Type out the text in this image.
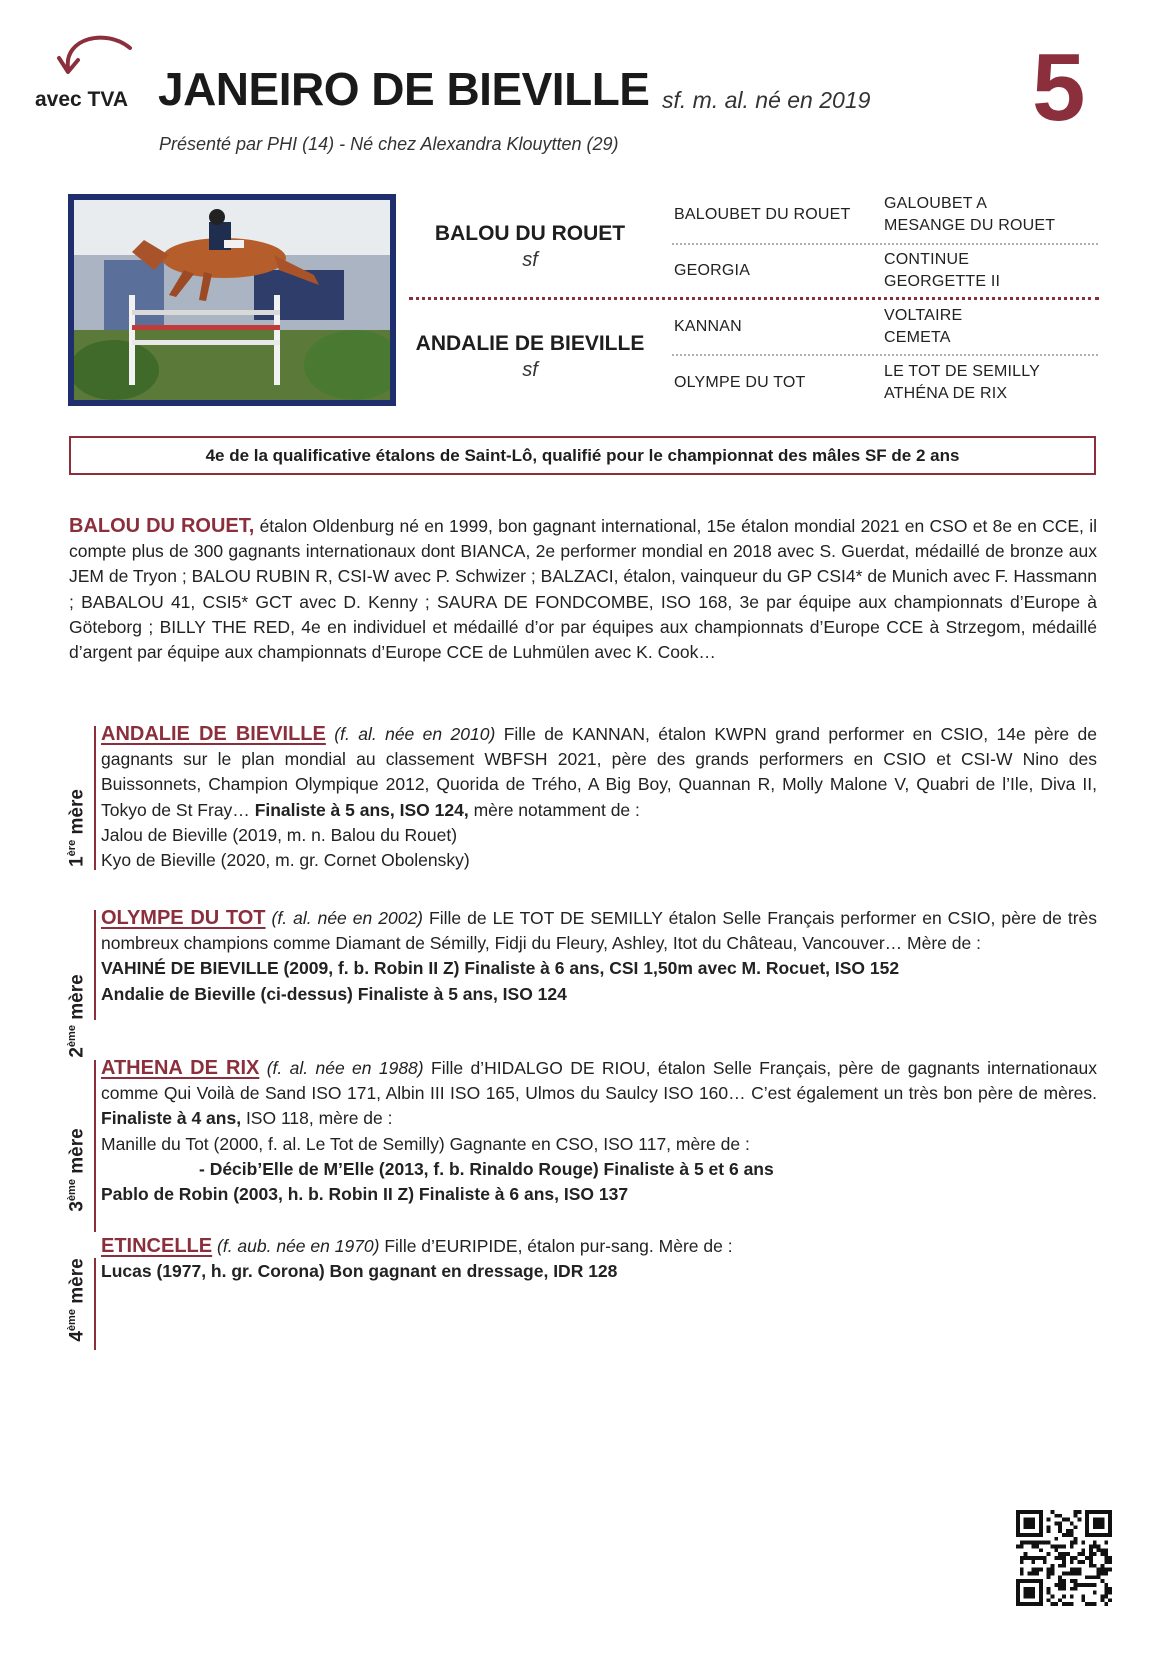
avec TVA JANEIRO DE BIEVILLE sf. m. al. né en 2019 5
Présenté par PHI (14) - Né chez Alexandra Klouytten (29)
BALOU DU ROUET
sf
ANDALIE DE BIEVILLE
sf
BALOUBET DU ROUET
GEORGIA
KANNAN
OLYMPE DU TOT
GALOUBET A
MESANGE DU ROUET
CONTINUE
GEORGETTE II
VOLTAIRE
CEMETA
LE TOT DE SEMILLY
ATHÉNA DE RIX
4e de la qualificative étalons de Saint-Lô, qualifié pour le championnat des mâles SF de 2 ans
BALOU DU ROUET, étalon Oldenburg né en 1999, bon gagnant international, 15e étalon mondial 2021 en CSO et 8e en CCE, il compte plus de 300 gagnants internationaux dont BIANCA, 2e performer mondial en 2018 avec S. Guerdat, médaillé de bronze aux JEM de Tryon ; BALOU RUBIN R, CSI-W avec P. Schwizer ; BALZACI, étalon, vainqueur du GP CSI4* de Munich avec F. Hassmann ; BABALOU 41, CSI5* GCT avec D. Kenny ; SAURA DE FONDCOMBE, ISO 168, 3e par équipe aux championnats d’Europe à Göteborg ; BILLY THE RED, 4e en individuel et médaillé d’or par équipes aux championnats d’Europe CCE à Strzegom, médaillé d’argent par équipe aux championnats d’Europe CCE de Luhmülen avec K. Cook…
1ère mère
ANDALIE DE BIEVILLE (f. al. née en 2010) Fille de KANNAN, étalon KWPN grand performer en CSIO, 14e père de gagnants sur le plan mondial au classement WBFSH 2021, père des grands performers en CSIO et CSI-W Nino des Buissonnets, Champion Olympique 2012, Quorida de Trého, A Big Boy, Quannan R, Molly Malone V, Quabri de l’Ile, Diva II, Tokyo de St Fray… Finaliste à 5 ans, ISO 124, mère notamment de :
Jalou de Bieville (2019, m. n. Balou du Rouet)
Kyo de Bieville (2020, m. gr. Cornet Obolensky)
2ème mère
OLYMPE DU TOT (f. al. née en 2002) Fille de LE TOT DE SEMILLY étalon Selle Français performer en CSIO, père de très nombreux champions comme Diamant de Sémilly, Fidji du Fleury, Ashley, Itot du Château, Vancouver… Mère de :
VAHINÉ DE BIEVILLE (2009, f. b. Robin II Z) Finaliste à 6 ans, CSI 1,50m avec M. Rocuet, ISO 152
Andalie de Bieville (ci-dessus) Finaliste à 5 ans, ISO 124
3ème mère
ATHENA DE RIX (f. al. née en 1988) Fille d’HIDALGO DE RIOU, étalon Selle Français, père de gagnants internationaux comme Qui Voilà de Sand ISO 171, Albin III ISO 165, Ulmos du Saulcy ISO 160… C’est également un très bon père de mères. Finaliste à 4 ans, ISO 118, mère de :
Manille du Tot (2000, f. al. Le Tot de Semilly) Gagnante en CSO, ISO 117, mère de :
- Décib’Elle de M’Elle (2013, f. b. Rinaldo Rouge) Finaliste à 5 et 6 ans
Pablo de Robin (2003, h. b. Robin II Z) Finaliste à 6 ans, ISO 137
4ème mère
ETINCELLE (f. aub. née en 1970) Fille d’EURIPIDE, étalon pur-sang. Mère de :
Lucas (1977, h. gr. Corona) Bon gagnant en dressage, IDR 128
